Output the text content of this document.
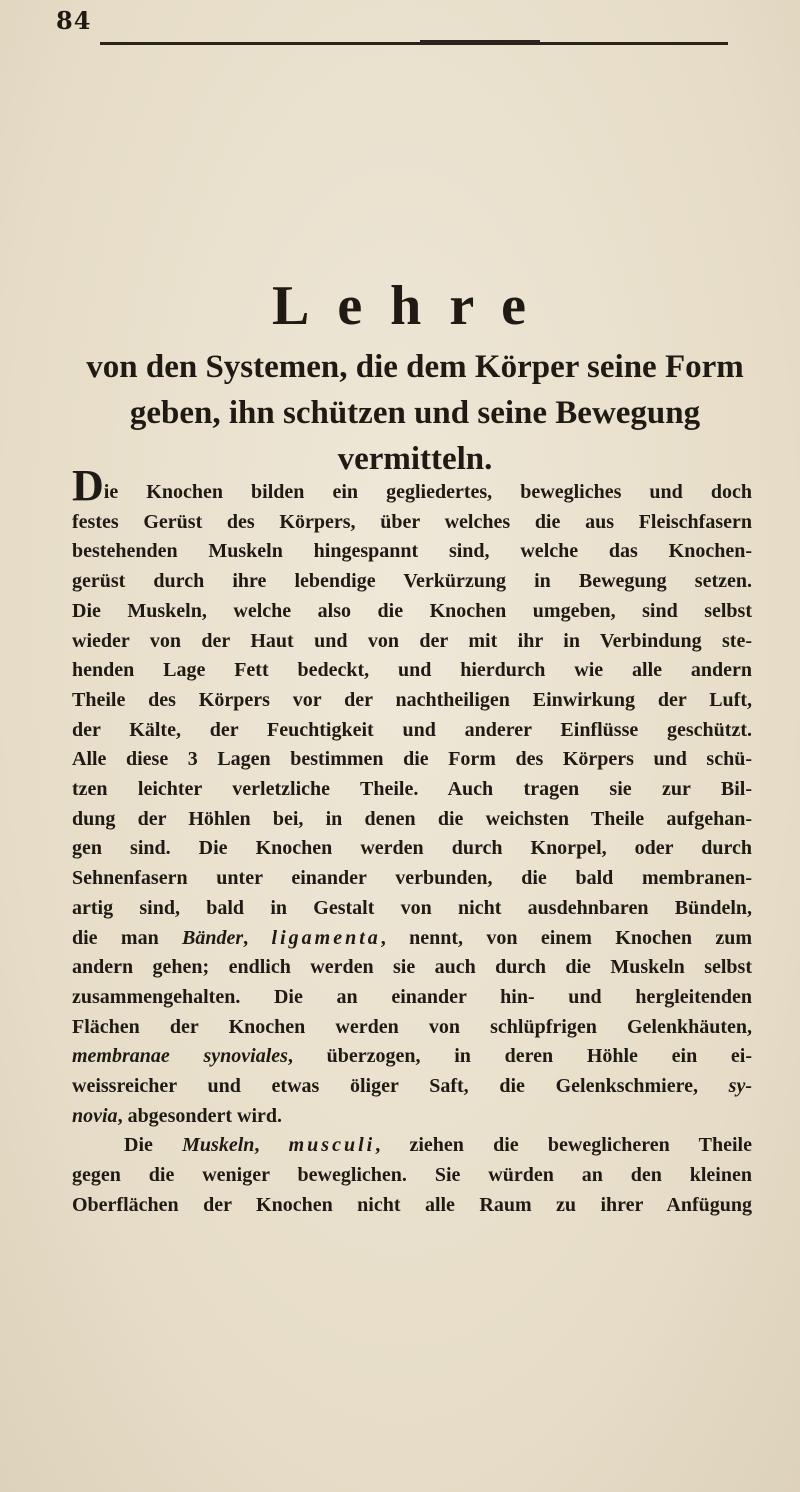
84
Lehre
von den Systemen, die dem Körper seine Form
geben, ihn schützen und seine Bewegung
vermitteln.
Die Knochen bilden ein gegliedertes, bewegliches und doch
festes Gerüst des Körpers, über welches die aus Fleischfasern
bestehenden Muskeln hingespannt sind, welche das Knochen-
gerüst durch ihre lebendige Verkürzung in Bewegung setzen.
Die Muskeln, welche also die Knochen umgeben, sind selbst
wieder von der Haut und von der mit ihr in Verbindung ste-
henden Lage Fett bedeckt, und hierdurch wie alle andern
Theile des Körpers vor der nachtheiligen Einwirkung der Luft,
der Kälte, der Feuchtigkeit und anderer Einflüsse geschützt.
Alle diese 3 Lagen bestimmen die Form des Körpers und schü-
tzen leichter verletzliche Theile. Auch tragen sie zur Bil-
dung der Höhlen bei, in denen die weichsten Theile aufgehan-
gen sind. Die Knochen werden durch Knorpel, oder durch
Sehnenfasern unter einander verbunden, die bald membranen-
artig sind, bald in Gestalt von nicht ausdehnbaren Bündeln,
die man Bänder, ligamenta, nennt, von einem Knochen zum
andern gehen; endlich werden sie auch durch die Muskeln selbst
zusammengehalten. Die an einander hin- und hergleitenden
Flächen der Knochen werden von schlüpfrigen Gelenkhäuten,
membranae synoviales, überzogen, in deren Höhle ein ei-
weissreicher und etwas öliger Saft, die Gelenkschmiere, sy-
novia, abgesondert wird.
Die Muskeln, musculi, ziehen die beweglicheren Theile
gegen die weniger beweglichen. Sie würden an den kleinen
Oberflächen der Knochen nicht alle Raum zu ihrer Anfügung
